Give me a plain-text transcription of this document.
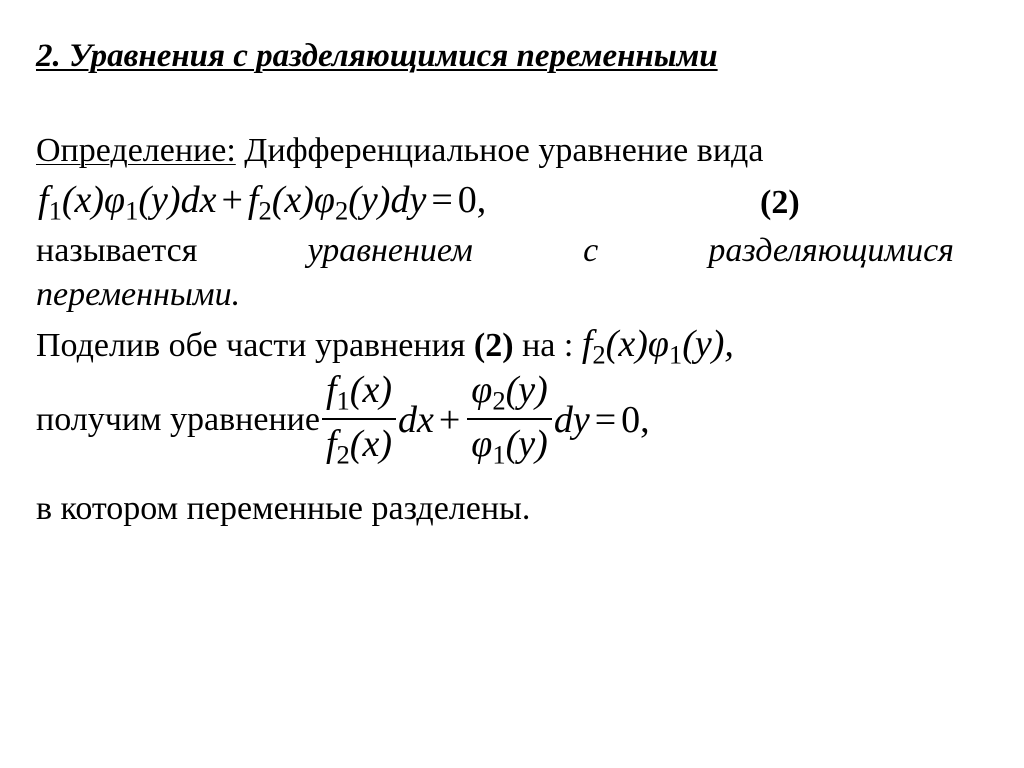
2. Уравнения с разделяющимися переменными
Определение: Дифференциальное уравнение вида
$f_1(x)\varphi_1(y)dx + f_2(x)\varphi_2(y)dy = 0$,	(2)
называется	уравнением	с	разделяющимися
переменными.
Поделив обе части уравнения (2) на : $f_2(x)\varphi_1(y)$,
получим уравнение $\frac{f_1(x)}{f_2(x)}$ dx + $\frac{\varphi_2(y)}{\varphi_1(y)}$ dy = 0,
в котором переменные разделены.
